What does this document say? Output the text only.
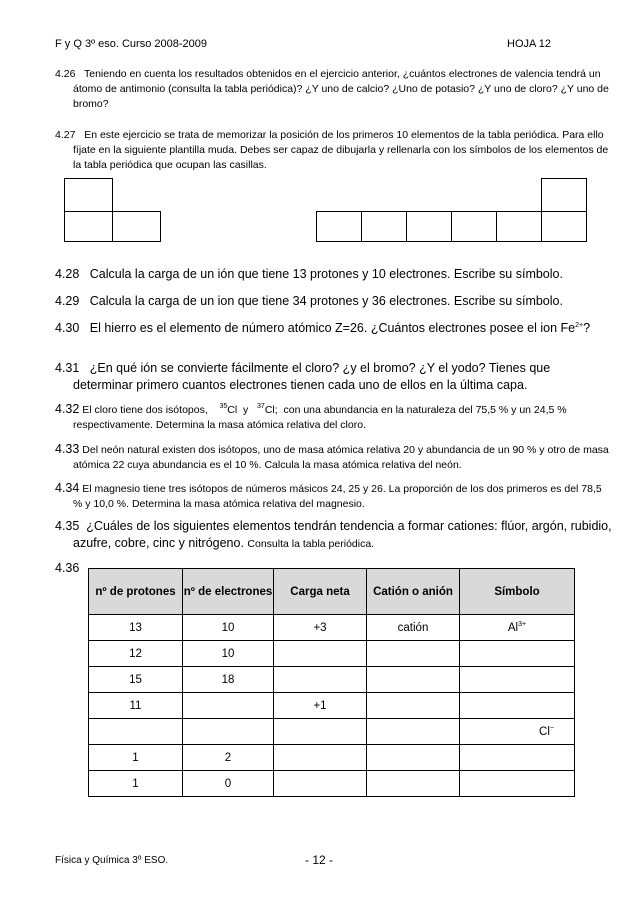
F y Q 3º eso. Curso 2008-2009	HOJA 12
4.26 Teniendo en cuenta los resultados obtenidos en el ejercicio anterior, ¿cuántos electrones de valencia tendrá un átomo de antimonio (consulta la tabla periódica)? ¿Y uno de calcio? ¿Uno de potasio? ¿Y uno de cloro? ¿Y uno de bromo?
4.27 En este ejercicio se trata de memorizar la posición de los primeros 10 elementos de la tabla periódica. Para ello fíjate en la siguiente plantilla muda. Debes ser capaz de dibujarla y rellenarla con los símbolos de los elementos de la tabla periódica que ocupan las casillas.
4.28 Calcula la carga de un ión que tiene 13 protones y 10 electrones. Escribe su símbolo.
4.29 Calcula la carga de un ion que tiene 34 protones y 36 electrones. Escribe su símbolo.
4.30 El hierro es el elemento de número atómico Z=26. ¿Cuántos electrones posee el ion $Fe^{2+}$?
4.31 ¿En qué ión se convierte fácilmente el cloro? ¿y el bromo? ¿Y el yodo? Tienes que determinar primero cuantos electrones tienen cada uno de ellos en la última capa.
4.32 El cloro tiene dos isótopos, $^{35}$Cl y $^{37}$Cl; con una abundancia en la naturaleza del 75,5 % y un 24,5 % respectivamente. Determina la masa atómica relativa del cloro.
4.33 Del neón natural existen dos isótopos, uno de masa atómica relativa 20 y abundancia de un 90 % y otro de masa atómica 22 cuya abundancia es el 10 %. Calcula la masa atómica relativa del neón.
4.34 El magnesio tiene tres isótopos de números másicos 24, 25 y 26. La proporción de los dos primeros es del 78,5 % y 10,0 %. Determina la masa atómica relativa del magnesio.
4.35 ¿Cuáles de los siguientes elementos tendrán tendencia a formar cationes: flúor, argón, rubidio, azufre, cobre, cinc y nitrógeno. Consulta la tabla periódica.
4.36
nº de protones	nº de electrones	Carga neta	Catión o anión	Símbolo
13	10	+3	catión	$Al^{3+}$
12	10			
15	18			
11		+1		
				Cl−
1	2			
1	0			
Física y Química 3º ESO.	- 12 -
